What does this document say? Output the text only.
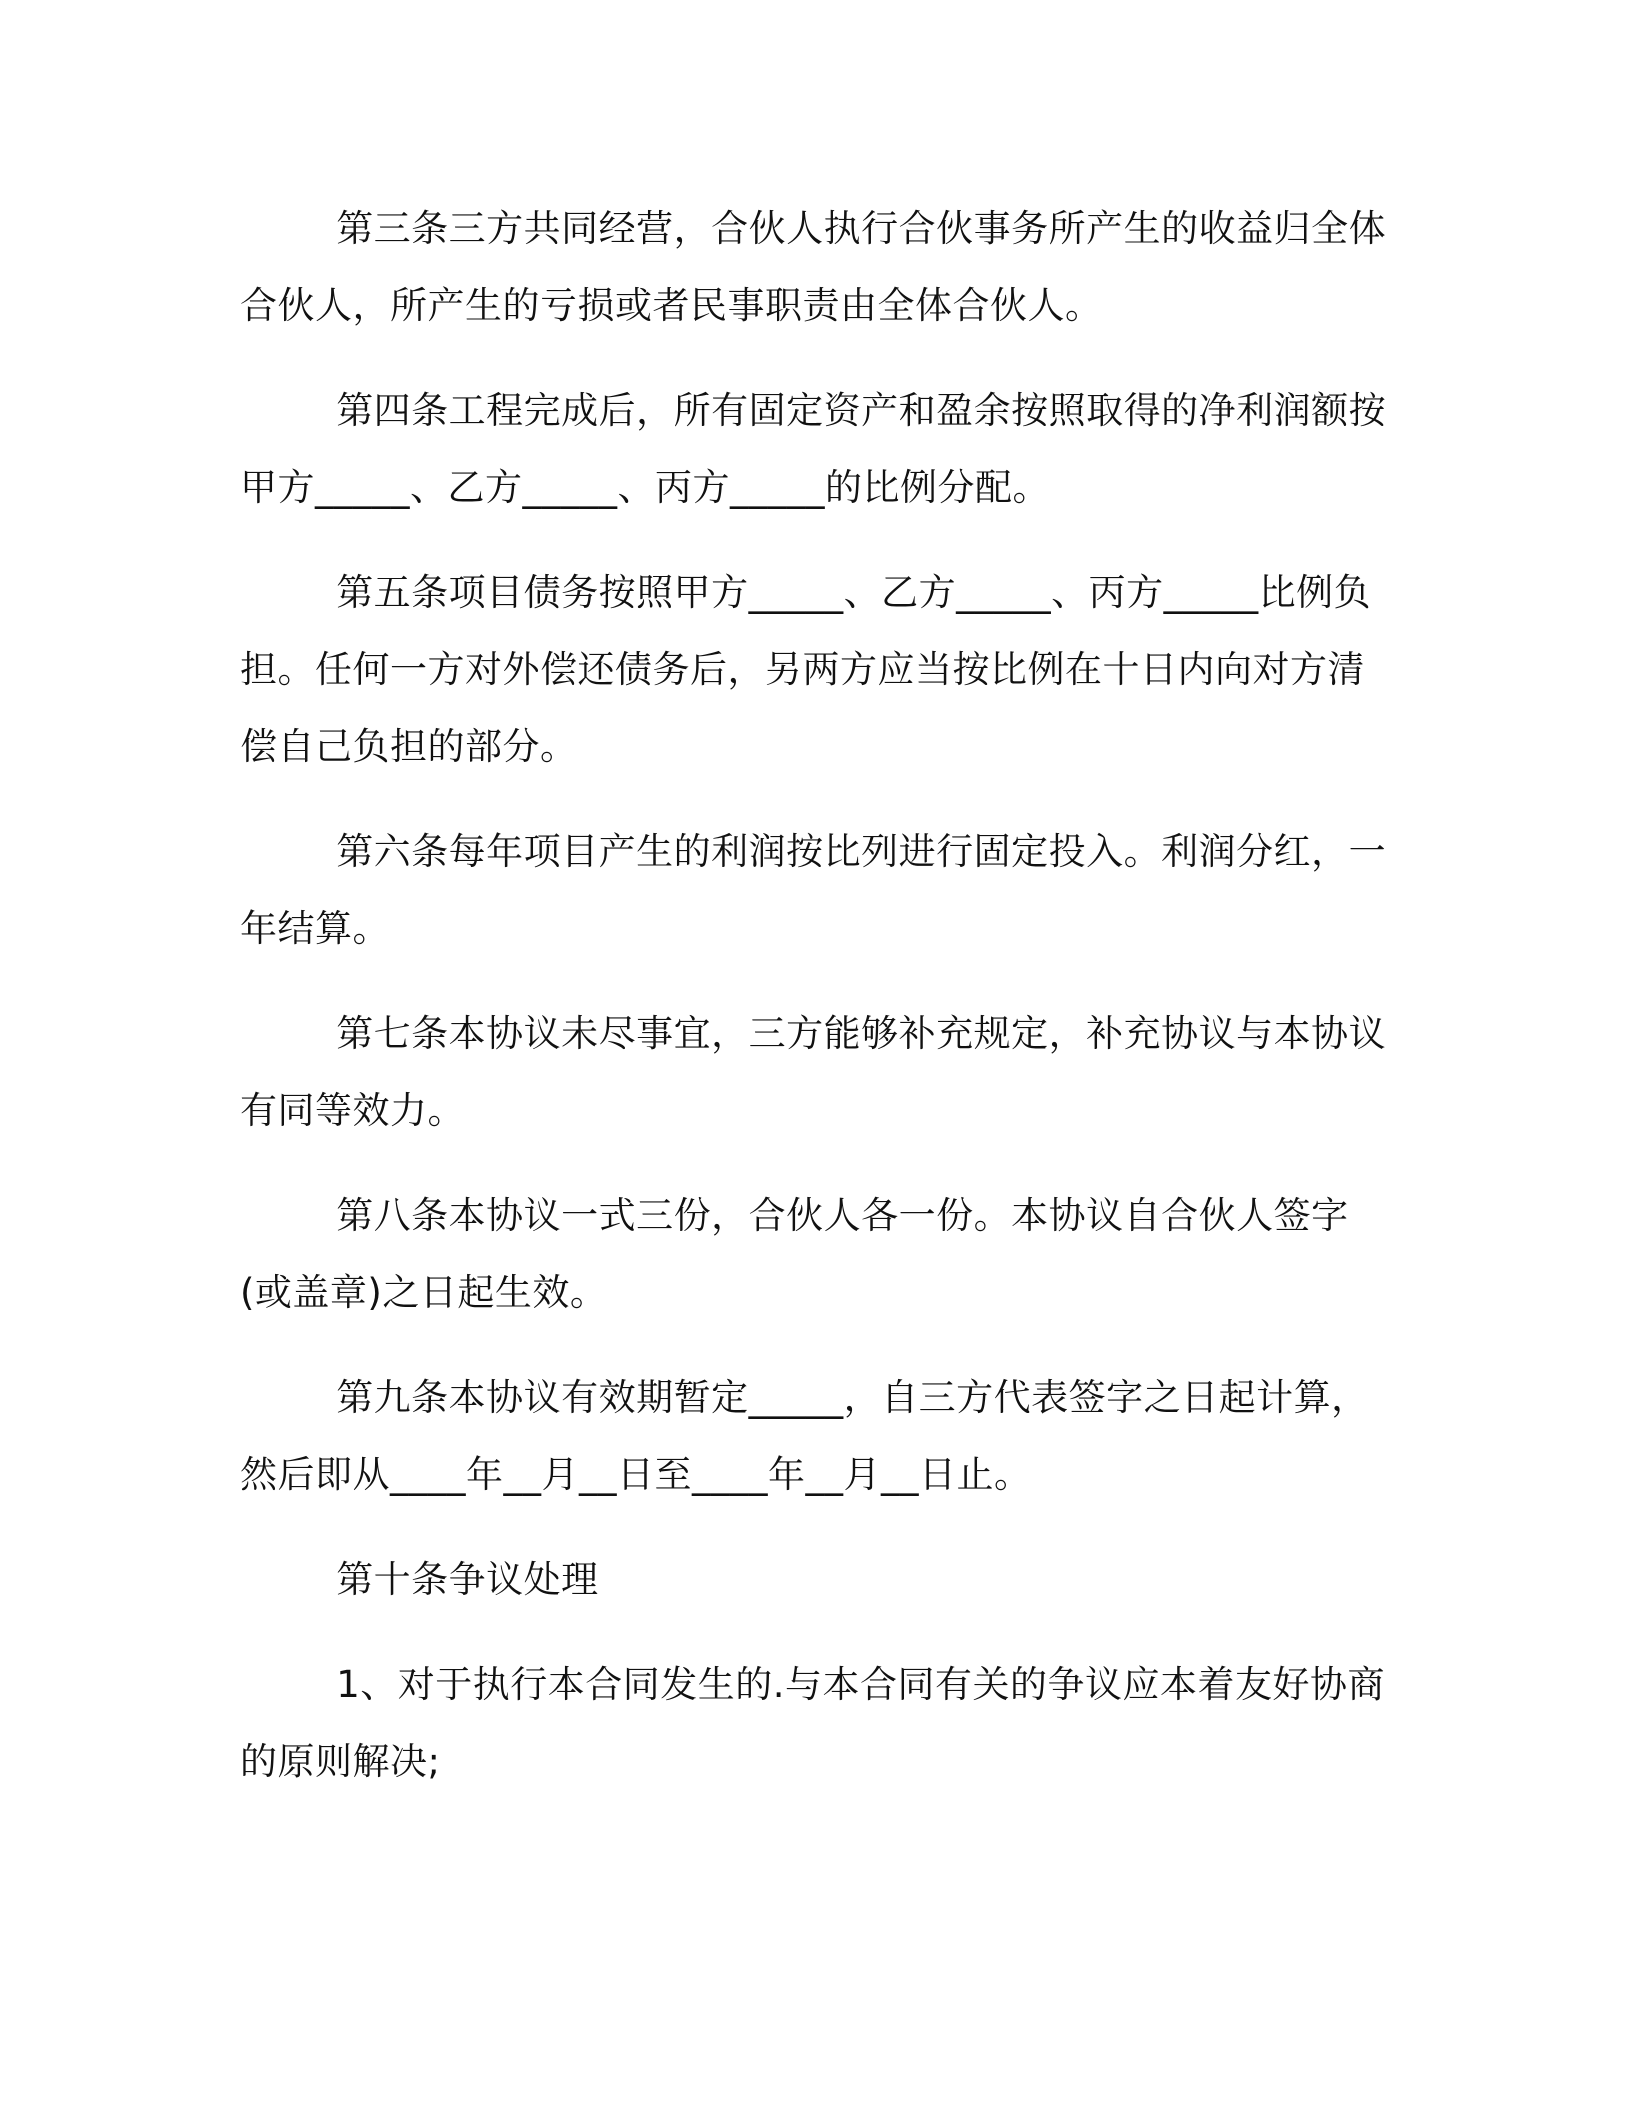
第三条三方共同经营，合伙人执行合伙事务所产生的收益归全体合伙人，所产生的亏损或者民事职责由全体合伙人。

第四条工程完成后，所有固定资产和盈余按照取得的净利润额按甲方_____、乙方_____、丙方_____的比例分配。

第五条项目债务按照甲方_____、乙方_____、丙方_____比例负担。任何一方对外偿还债务后，另两方应当按比例在十日内向对方清偿自己负担的部分。

第六条每年项目产生的利润按比列进行固定投入。利润分红，一年结算。

第七条本协议未尽事宜，三方能够补充规定，补充协议与本协议有同等效力。

第八条本协议一式三份，合伙人各一份。本协议自合伙人签字(或盖章)之日起生效。

第九条本协议有效期暂定_____，自三方代表签字之日起计算，然后即从____年__月__日至____年__月__日止。

第十条争议处理

1、对于执行本合同发生的.与本合同有关的争议应本着友好协商的原则解决;
